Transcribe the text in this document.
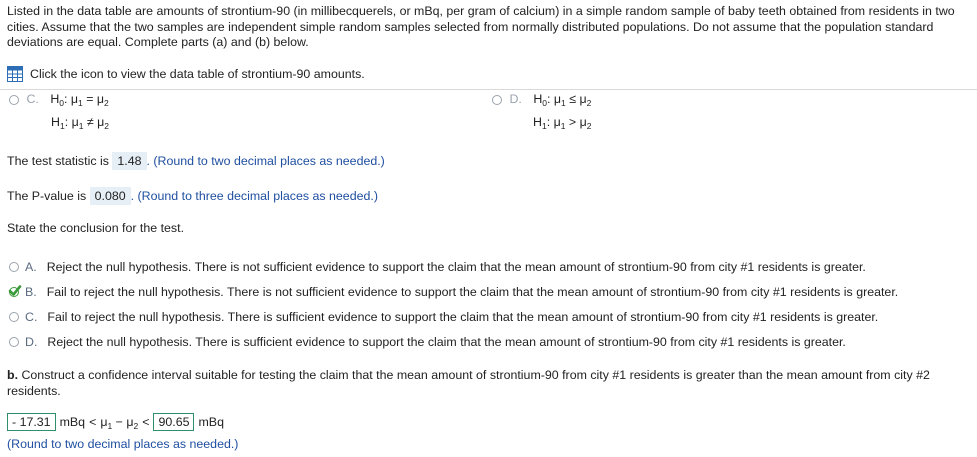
Listed in the data table are amounts of strontium-90 (in millibecquerels, or mBq, per gram of calcium) in a simple random sample of baby teeth obtained from residents in two cities. Assume that the two samples are independent simple random samples selected from normally distributed populations. Do not assume that the population standard deviations are equal. Complete parts (a) and (b) below.
Click the icon to view the data table of strontium-90 amounts.
C. $H_0$: $\mu_1 = \mu_2$
$H_1$: $\mu_1 \ne \mu_2$
D. $H_0$: $\mu_1 \le \mu_2$
$H_1$: $\mu_1 > \mu_2$
The test statistic is 1.48 . (Round to two decimal places as needed.)
The P-value is 0.080 . (Round to three decimal places as needed.)
State the conclusion for the test.
A. Reject the null hypothesis. There is not sufficient evidence to support the claim that the mean amount of strontium-90 from city #1 residents is greater.
B. Fail to reject the null hypothesis. There is not sufficient evidence to support the claim that the mean amount of strontium-90 from city #1 residents is greater.
C. Fail to reject the null hypothesis. There is sufficient evidence to support the claim that the mean amount of strontium-90 from city #1 residents is greater.
D. Reject the null hypothesis. There is sufficient evidence to support the claim that the mean amount of strontium-90 from city #1 residents is greater.
b. Construct a confidence interval suitable for testing the claim that the mean amount of strontium-90 from city #1 residents is greater than the mean amount from city #2 residents.
- 17.31 mBq < $\mu_1 - \mu_2 < 90.65$ mBq
(Round to two decimal places as needed.)
